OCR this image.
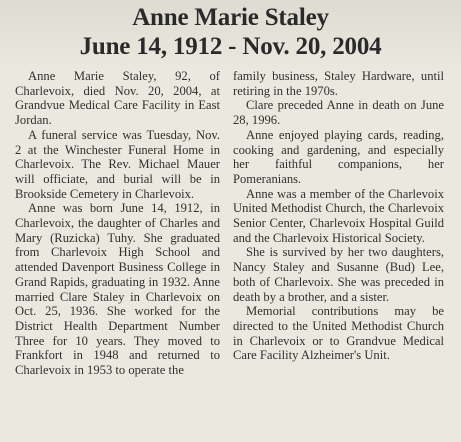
Anne Marie Staley
June 14, 1912 - Nov. 20, 2004

Anne Marie Staley, 92, of Charlevoix, died Nov. 20, 2004, at Grandvue Medical Care Facility in East Jordan.

A funeral service was Tuesday, Nov. 2 at the Winchester Funeral Home in Charlevoix. The Rev. Michael Mauer will officiate, and burial will be in Brookside Cemetery in Charlevoix.

Anne was born June 14, 1912, in Charlevoix, the daughter of Charles and Mary (Ruzicka) Tuhy. She graduated from Charlevoix High School and attended Davenport Business College in Grand Rapids, graduating in 1932. Anne married Clare Staley in Charlevoix on Oct. 25, 1936. She worked for the District Health Department Number Three for 10 years. They moved to Frankfort in 1948 and returned to Charlevoix in 1953 to operate the

family business, Staley Hardware, until retiring in the 1970s.

Clare preceded Anne in death on June 28, 1996.

Anne enjoyed playing cards, reading, cooking and gardening, and especially her faithful companions, her Pomeranians.

Anne was a member of the Charlevoix United Methodist Church, the Charlevoix Senior Center, Charlevoix Hospital Guild and the Charlevoix Historical Society.

She is survived by her two daughters, Nancy Staley and Susanne (Bud) Lee, both of Charlevoix. She was preceded in death by a brother, and a sister.

Memorial contributions may be directed to the United Methodist Church in Charlevoix or to Grandvue Medical Care Facility Alzheimer's Unit.
